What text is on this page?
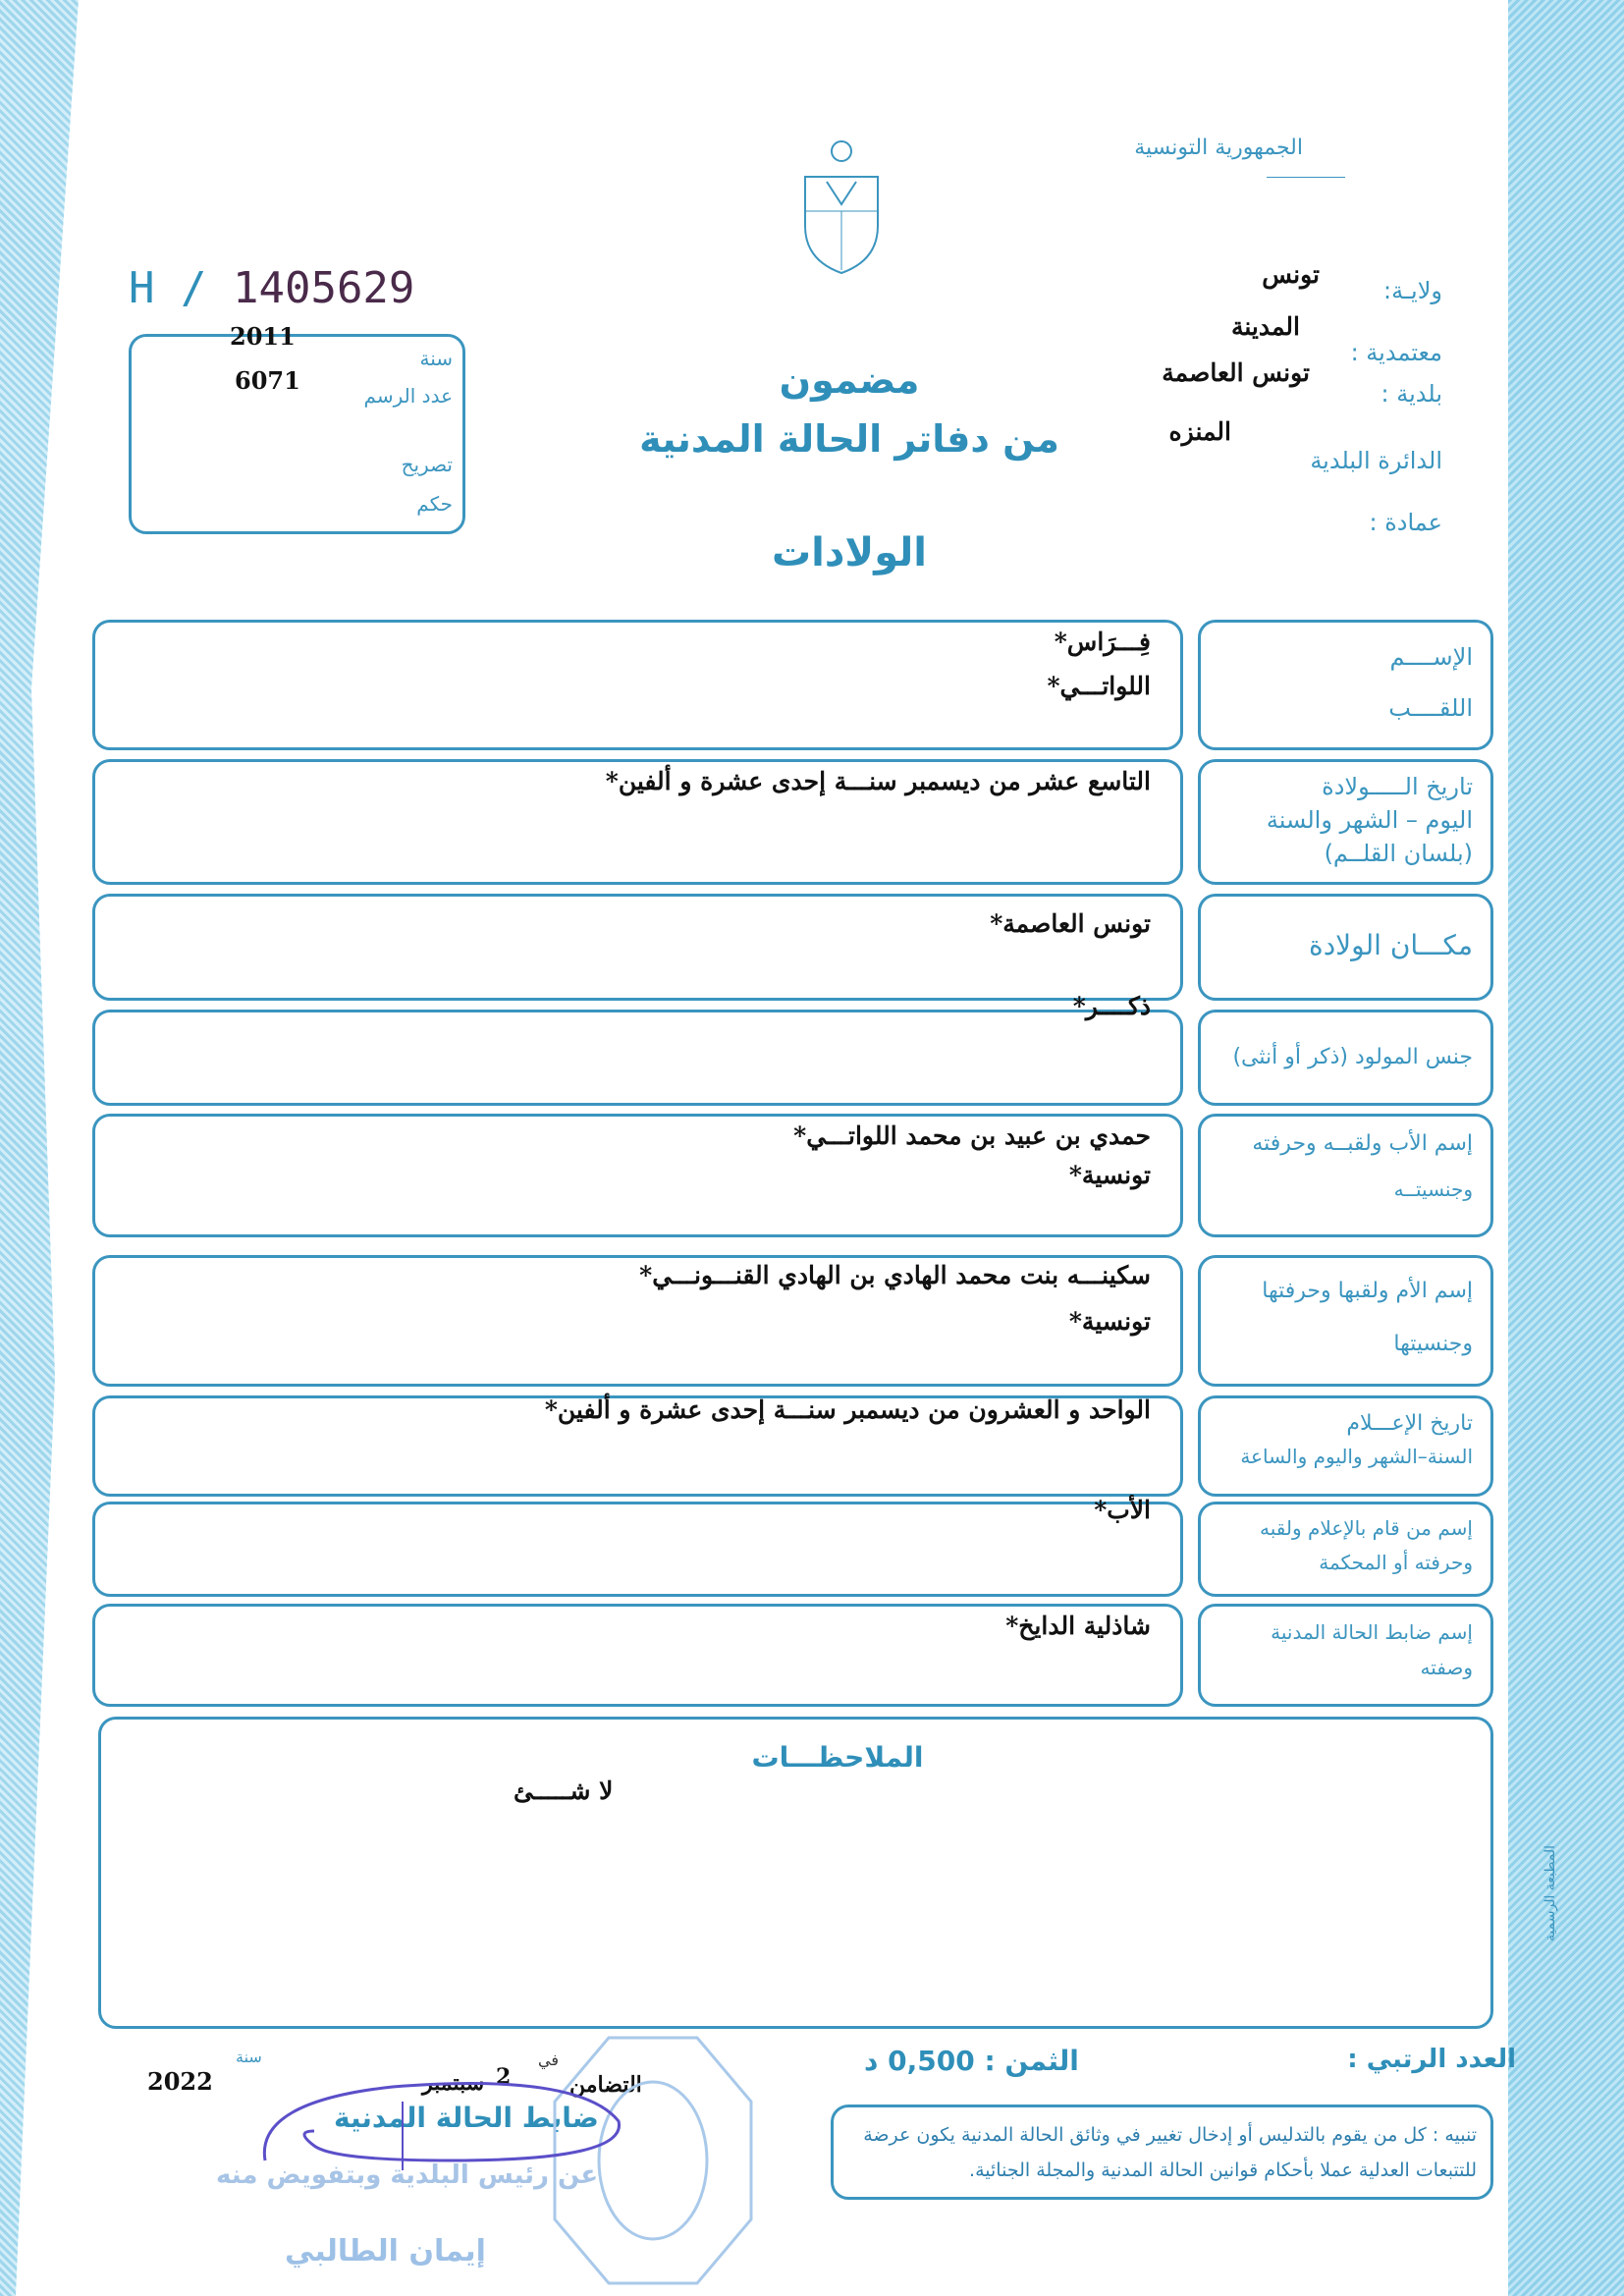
الجمهورية التونسية
H / 1405629
2011
سنة
6071
عدد الرسم
تصريح
حكم
مضمون
من دفاتر الحالة المدنية
الولادات
ولايـة:
تونس
معتمدية :
المدينة
بلدية :
تونس العاصمة
الدائرة البلدية
المنزه
عمادة :
الإســــم
اللقــــب
فِـــرَاس*
اللواتـــي*
تاريخ الـــــولادة
اليوم – الشهر والسنة
(بلسان القلــم)
التاسع عشر من ديسمبر سنـــة إحدى عشرة و ألفين*
مكـــان الولادة
تونس العاصمة*
جنس المولود (ذكر أو أنثى)
ذكــــر*
إسم الأب ولقبــه وحرفته
وجنسيتــه
حمدي بن عبيد بن محمد اللواتـــي*
تونسية*
إسم الأم ولقبها وحرفتها
وجنسيتها
سكينـــه بنت محمد الهادي بن الهادي القنـــونـــي*
تونسية*
تاريخ الإعـــلام
السنة–الشهر واليوم والساعة
الواحد و العشرون من ديسمبر سنـــة إحدى عشرة و ألفين*
إسم من قام بالإعلام ولقبه
وحرفته أو المحكمة
الأب*
إسم ضابط الحالة المدنية
وصفته
شاذلية الدايخ*
الملاحظـــات
لا شـــــئ
المطبعة الرسمية
العدد الرتبي :
الثمن : 0,500 د
تنبيه : كل من يقوم بالتدليس أو إدخال تغيير في وثائق الحالة المدنية يكون عرضة للتتبعات العدلية عملا بأحكام قوانين الحالة المدنية والمجلة الجنائية.
2022
سنة
سبتمبر 2
في
التضامن
ضابط الحالة المدنية
عن رئيس البلدية وبتفويض منه
إيمان الطالبي
